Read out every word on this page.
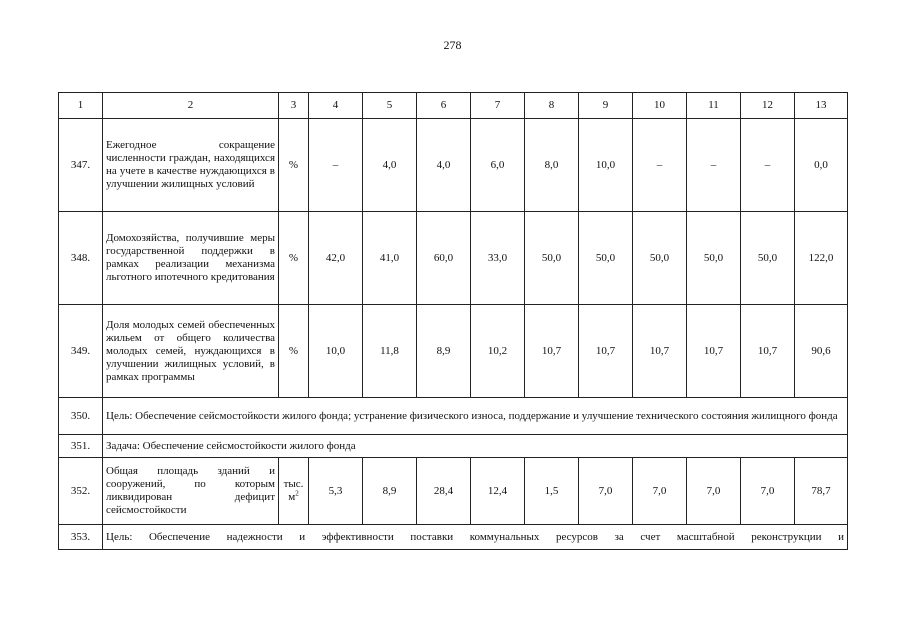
278
1	2	3	4	5	6	7	8	9	10	11	12	13
347.	Ежегодное сокращение численности граждан, находящихся на учете в качестве нуждающихся в улучшении жилищных условий	%	–	4,0	4,0	6,0	8,0	10,0	–	–	–	0,0
348.	Домохозяйства, получившие меры государственной поддержки в рамках реализации механизма льготного ипотечного кредитования	%	42,0	41,0	60,0	33,0	50,0	50,0	50,0	50,0	50,0	122,0
349.	Доля молодых семей обеспеченных жильем от общего количества молодых семей, нуждающихся в улучшении жилищных условий, в рамках программы	%	10,0	11,8	8,9	10,2	10,7	10,7	10,7	10,7	10,7	90,6
350.	Цель: Обеспечение сейсмостойкости жилого фонда; устранение физического износа, поддержание и улучшение технического состояния жилищного фонда											
351.	Задача: Обеспечение сейсмостойкости жилого фонда											
352.	Общая площадь зданий и сооружений, по которым ликвидирован дефицит сейсмостойкости	тыс. $м^2$	5,3	8,9	28,4	12,4	1,5	7,0	7,0	7,0	7,0	78,7
353.	Цель: Обеспечение надежности и эффективности поставки коммунальных ресурсов за счет масштабной реконструкции и											
